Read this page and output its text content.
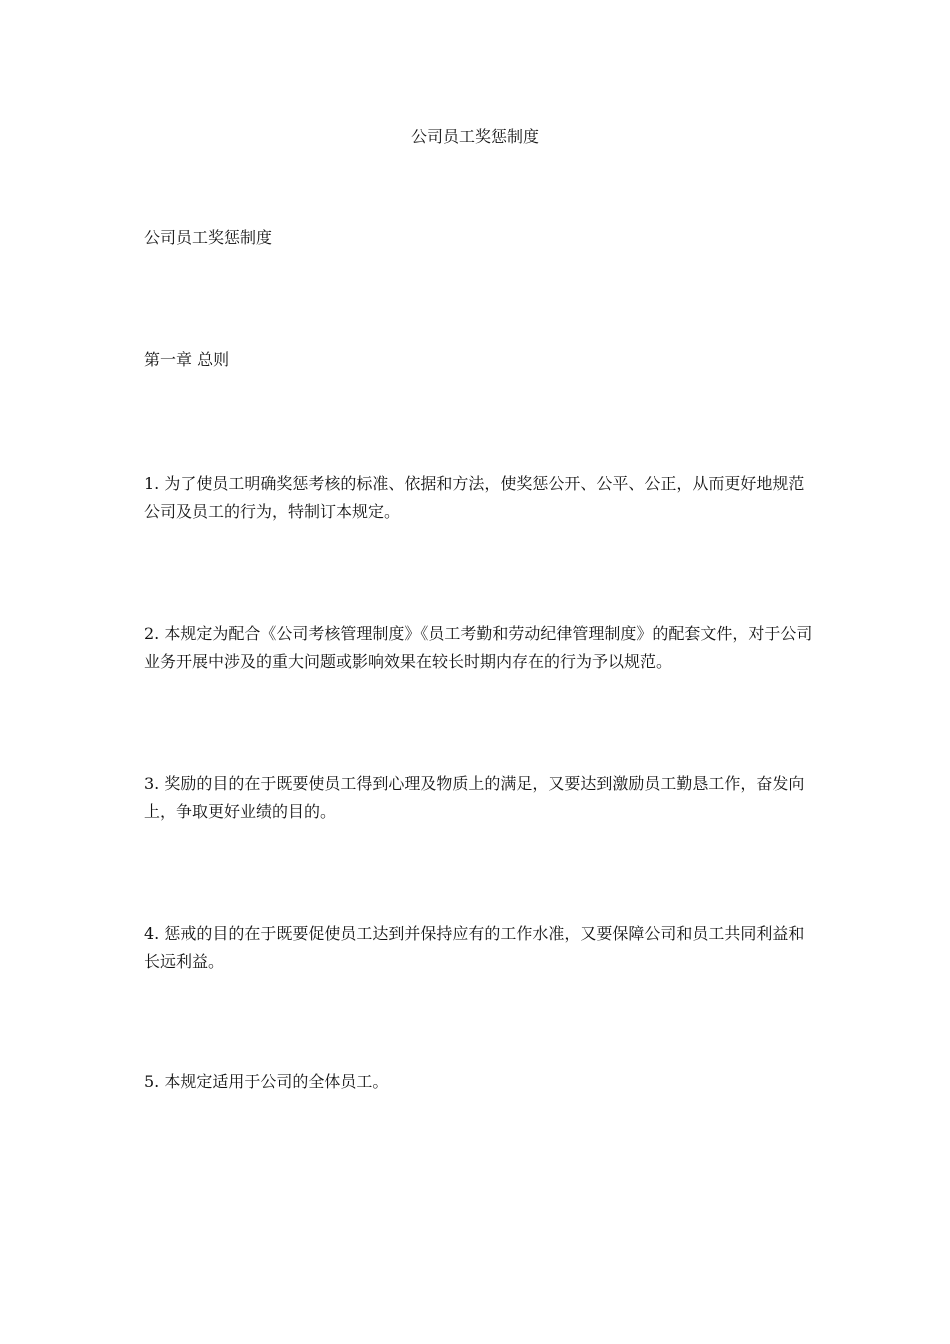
公司员工奖惩制度
公司员工奖惩制度
第一章 总则
1. 为了使员工明确奖惩考核的标准、依据和方法，使奖惩公开、公平、公正，从而更好地规范公司及员工的行为，特制订本规定。
2. 本规定为配合《公司考核管理制度》《员工考勤和劳动纪律管理制度》的配套文件，对于公司业务开展中涉及的重大问题或影响效果在较长时期内存在的行为予以规范。
3. 奖励的目的在于既要使员工得到心理及物质上的满足，又要达到激励员工勤恳工作，奋发向上，争取更好业绩的目的。
4. 惩戒的目的在于既要促使员工达到并保持应有的工作水准，又要保障公司和员工共同利益和长远利益。
5. 本规定适用于公司的全体员工。
